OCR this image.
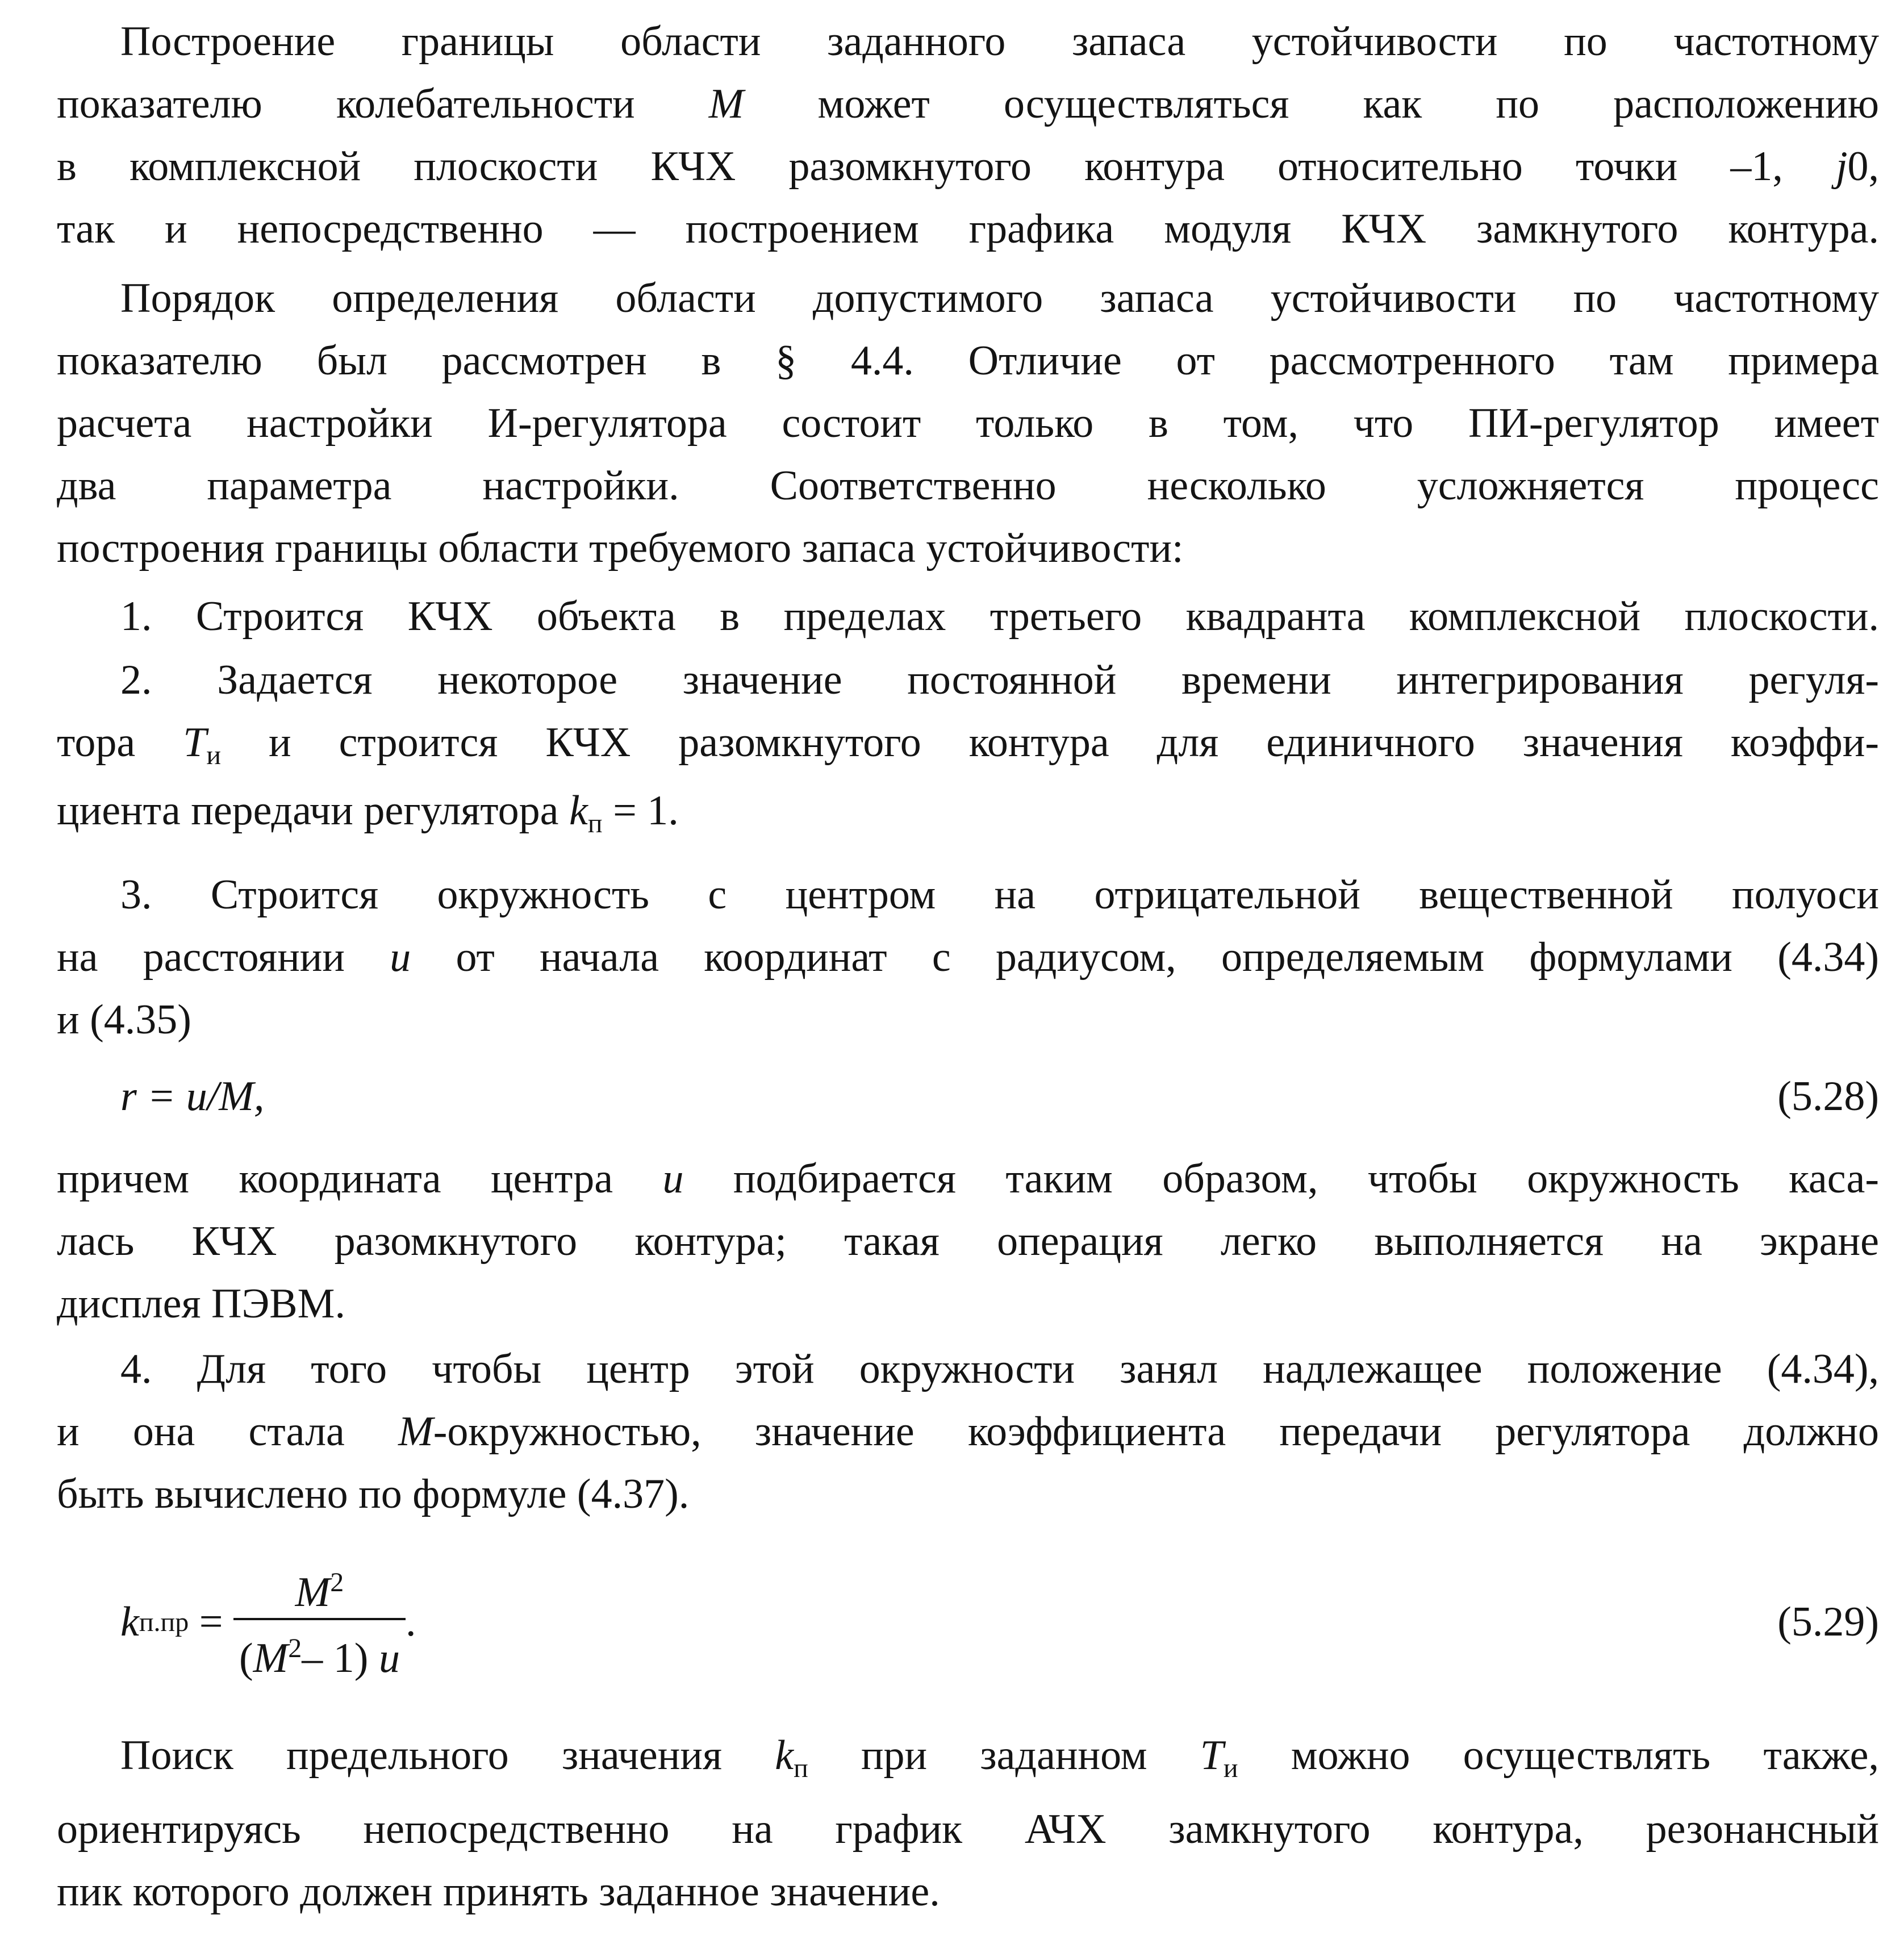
Построение границы области заданного запаса устойчивости по частотному
показателю колебательности M может осуществляться как по расположению
в комплексной плоскости КЧХ разомкнутого контура относительно точки –1, j0,
так и непосредственно — построением графика модуля КЧХ замкнутого контура.
Порядок определения области допустимого запаса устойчивости по частотному
показателю был рассмотрен в § 4.4. Отличие от рассмотренного там примера
расчета настройки И-регулятора состоит только в том, что ПИ-регулятор имеет
два параметра настройки. Соответственно несколько усложняется процесс
построения границы области требуемого запаса устойчивости:
1. Строится КЧХ объекта в пределах третьего квадранта комплексной плоскости.
2. Задается некоторое значение постоянной времени интегрирования регуля-
тора $T_и$ и строится КЧХ разомкнутого контура для единичного значения коэффи-
циента передачи регулятора $k_п = 1$.
3. Строится окружность с центром на отрицательной вещественной полуоси
на расстоянии u от начала координат с радиусом, определяемым формулами (4.34)
и (4.35)
r = u/M,	(5.28)
причем координата центра u подбирается таким образом, чтобы окружность каса-
лась КЧХ разомкнутого контура; такая операция легко выполняется на экране
дисплея ПЭВМ.
4. Для того чтобы центр этой окружности занял надлежащее положение (4.34),
и она стала M-окружностью, значение коэффициента передачи регулятора должно
быть вычислено по формуле (4.37).
k $п.пр = \frac{M^2}{(M^2- 1) u}$ .	(5.29)
Поиск предельного значения $k_п$ при заданном $T_и$ можно осуществлять также,
ориентируясь непосредственно на график АЧХ замкнутого контура, резонансный
пик которого должен принять заданное значение.
